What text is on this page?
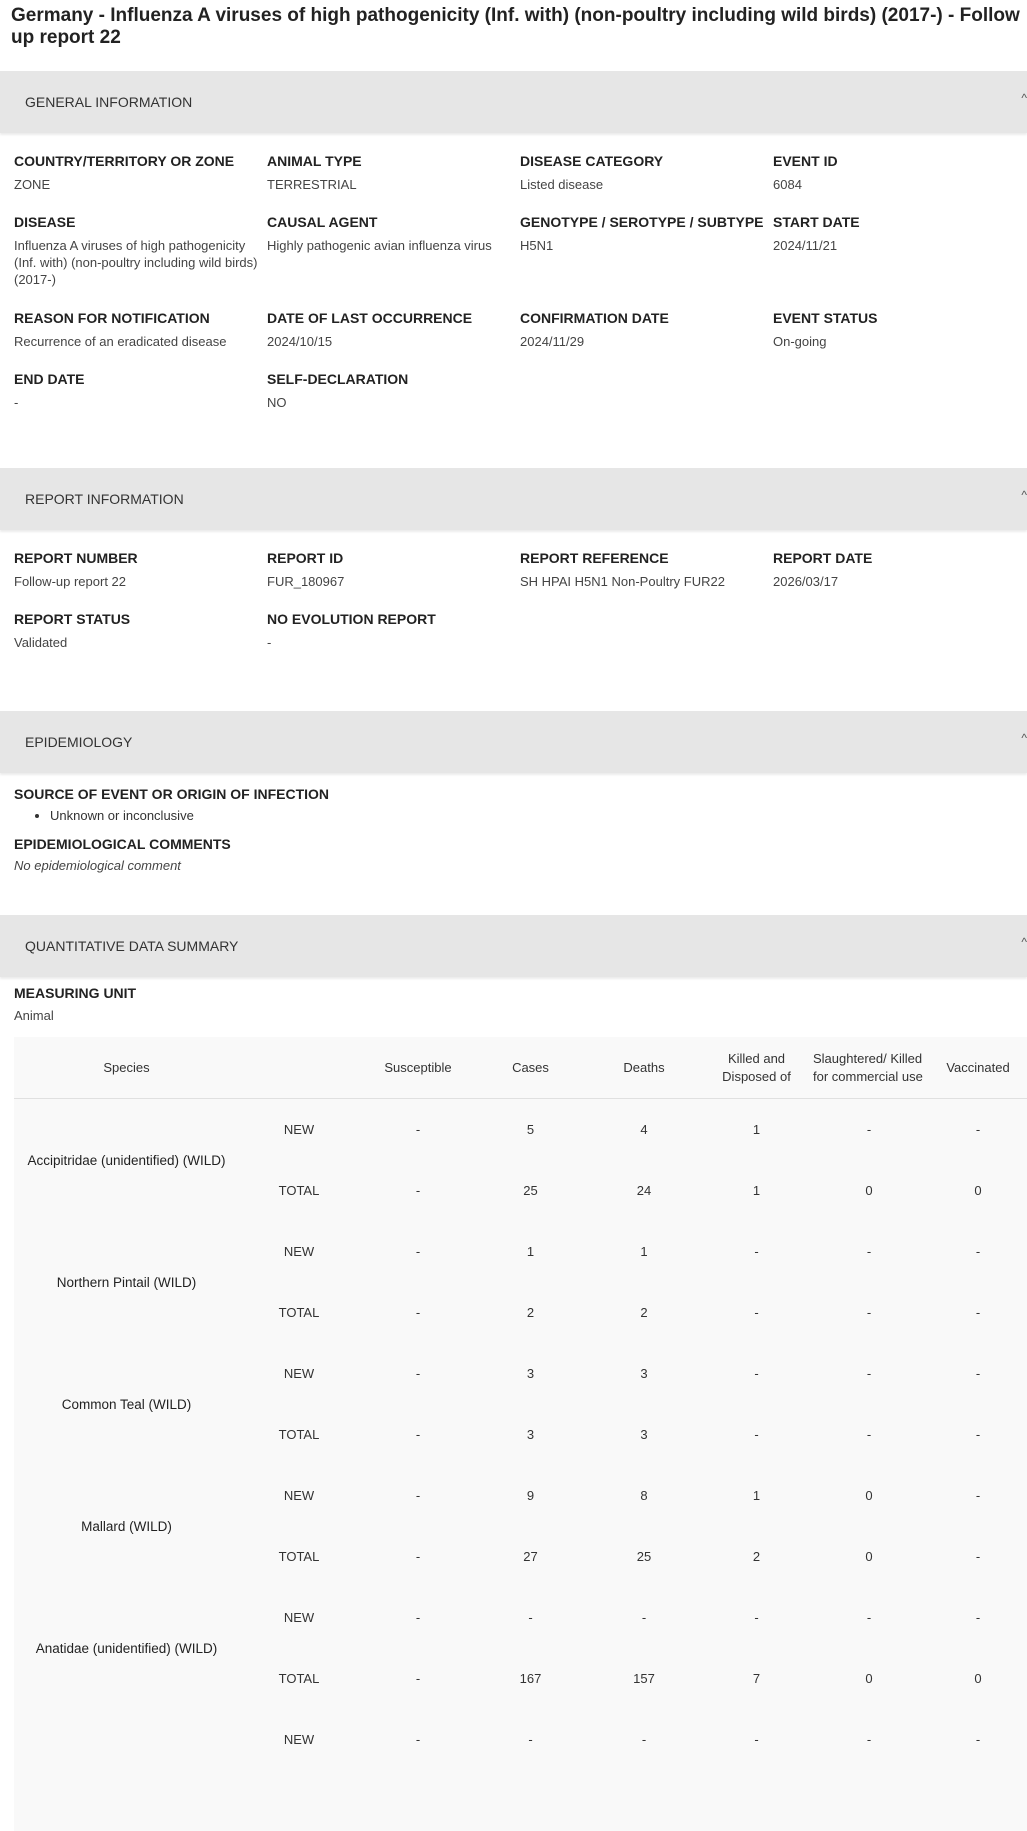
Germany - Influenza A viruses of high pathogenicity (Inf. with) (non-poultry including wild birds) (2017-) - Follow up report 22
GENERAL INFORMATION	^
COUNTRY/TERRITORY OR ZONE
ZONE
ANIMAL TYPE
TERRESTRIAL
DISEASE CATEGORY
Listed disease
EVENT ID
6084
DISEASE
Influenza A viruses of high pathogenicity (Inf. with) (non-poultry including wild birds) (2017-)
CAUSAL AGENT
Highly pathogenic avian influenza virus
GENOTYPE / SEROTYPE / SUBTYPE
H5N1
START DATE
2024/11/21
REASON FOR NOTIFICATION
Recurrence of an eradicated disease
DATE OF LAST OCCURRENCE
2024/10/15
CONFIRMATION DATE
2024/11/29
EVENT STATUS
On-going
END DATE
-
SELF-DECLARATION
NO
REPORT INFORMATION	^
REPORT NUMBER
Follow-up report 22
REPORT ID
FUR_180967
REPORT REFERENCE
SH HPAI H5N1 Non-Poultry FUR22
REPORT DATE
2026/03/17
REPORT STATUS
Validated
NO EVOLUTION REPORT
-
EPIDEMIOLOGY	^
SOURCE OF EVENT OR ORIGIN OF INFECTION
• Unknown or inconclusive
EPIDEMIOLOGICAL COMMENTS
No epidemiological comment
QUANTITATIVE DATA SUMMARY	^
MEASURING UNIT
Animal
Species		Susceptible	Cases	Deaths	Killed and Disposed of	Slaughtered/ Killed for commercial use	Vaccinated
Accipitridae (unidentified) (WILD)	NEW	-	5	4	1	-	-
	TOTAL	-	25	24	1	0	0
Northern Pintail (WILD)	NEW	-	1	1	-	-	-
	TOTAL	-	2	2	-	-	-
Common Teal (WILD)	NEW	-	3	3	-	-	-
	TOTAL	-	3	3	-	-	-
Mallard (WILD)	NEW	-	9	8	1	0	-
	TOTAL	-	27	25	2	0	-
Anatidae (unidentified) (WILD)	NEW	-	-	-	-	-	-
	TOTAL	-	167	157	7	0	0
	NEW	-	-	-	-	-	-
